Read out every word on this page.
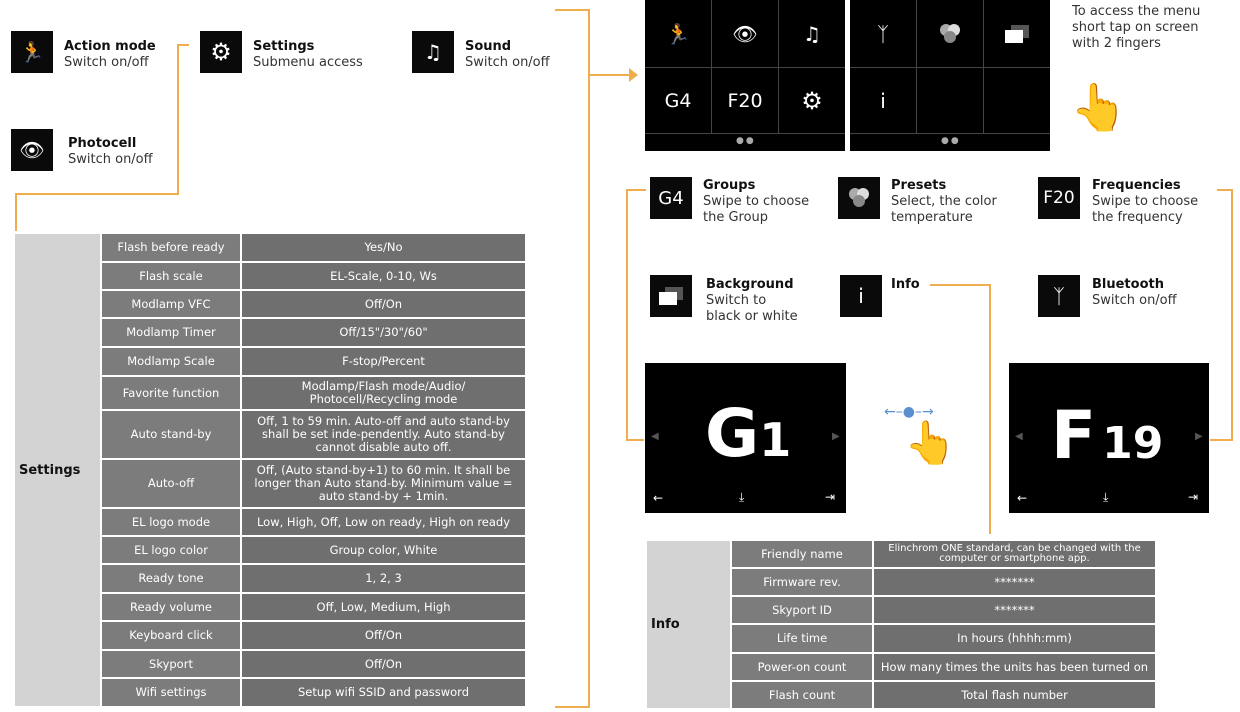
🏃	Action mode
Switch on/off	⚙	Settings
Submenu access	♫	Sound
Switch on/off
👁	Photocell
Switch on/off
Settings	Flash before ready	Yes/No
	Flash scale	EL-Scale, 0-10, Ws
	Modlamp VFC	Off/On
	Modlamp Timer	Off/15"/30"/60"
	Modlamp Scale	F-stop/Percent
	Favorite function	Modlamp/Flash mode/Audio/ Photocell/Recycling mode
	Auto stand-by	Off, 1 to 59 min. Auto-off and auto stand-by shall be set inde-pendently. Auto stand-by cannot disable auto off.
	Auto-off	Off, (Auto stand-by+1) to 60 min. It shall be longer than Auto stand-by. Minimum value = auto stand-by + 1min.
	EL logo mode	Low, High, Off, Low on ready, High on ready
	EL logo color	Group color, White
	Ready tone	1, 2, 3
	Ready volume	Off, Low, Medium, High
	Keyboard click	Off/On
	Skyport	Off/On
	Wifi settings	Setup wifi SSID and password
🏃	👁	♫
G4 F20	⚙
●●
ᛉ
i
●●
To access the menu
short tap on screen
with 2 fingers
👆
G4
Groups
Swipe to choose
the Group
Presets
Select, the color
temperature
F20
Frequencies
Swipe to choose
the frequency
Background
Switch to
black or white
i Info	ᛉ	Bluetooth
Switch on/off
G1
◀	▶
←	⤓	⇥
←–●–→
👆 F 19
◀	▶
←	⤓	⇥
Info	Friendly name	Elinchrom ONE standard, can be changed with the computer or smartphone app.
	Firmware rev.	*******
	Skyport ID	*******
	Life time	In hours (hhhh:mm)
	Power-on count	How many times the units has been turned on
	Flash count	Total flash number
